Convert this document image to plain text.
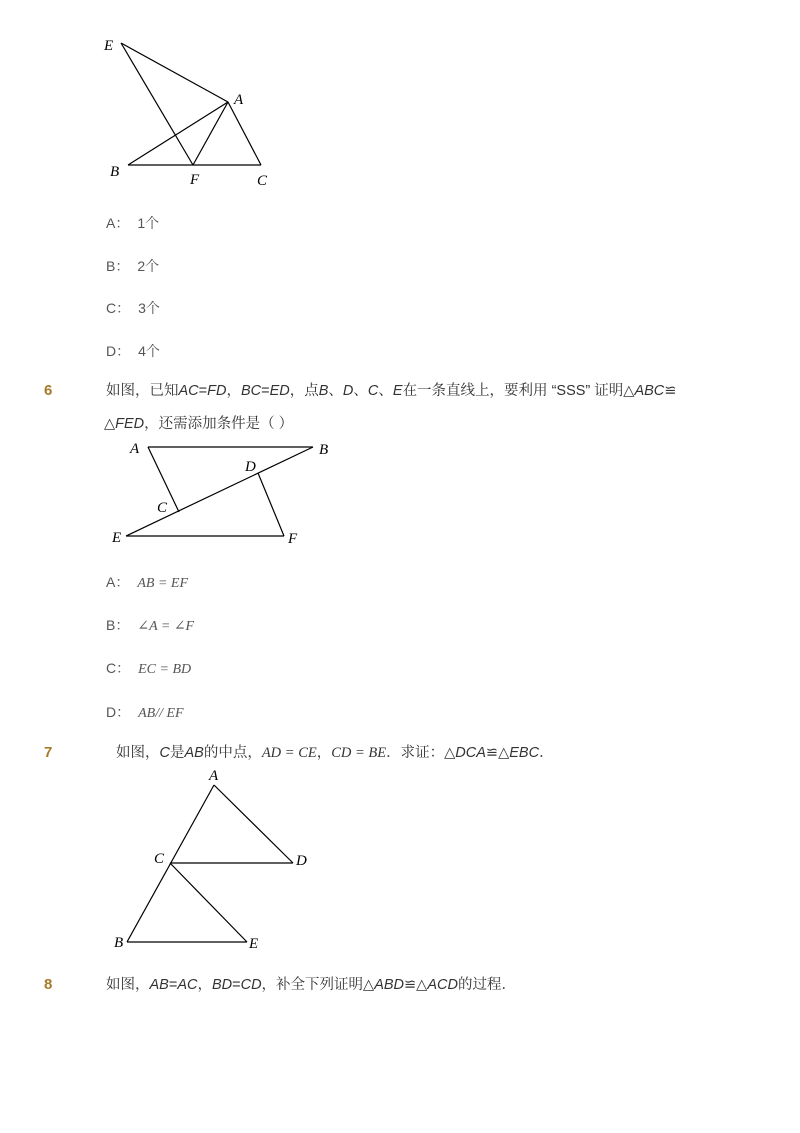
E
A
B	F	C
A： 1个
B： 2个
C： 3个
D： 4个
6	如图，已知AC=FD，BC=ED，点B、D、C、E在一条直线上，要利用 “SSS” 证明△ABC≌
△FED，还需添加条件是（ ）
A	B
D
C
E	F
A： AB = EF
B： ∠A = ∠F
C： EC = BD
D： AB// EF
7	如图，C是AB的中点，AD = CE，CD = BE．求证：△DCA≌△EBC．
A
C	D
B	E
8	如图，AB=AC，BD=CD，补全下列证明△ABD≌△ACD的过程．
